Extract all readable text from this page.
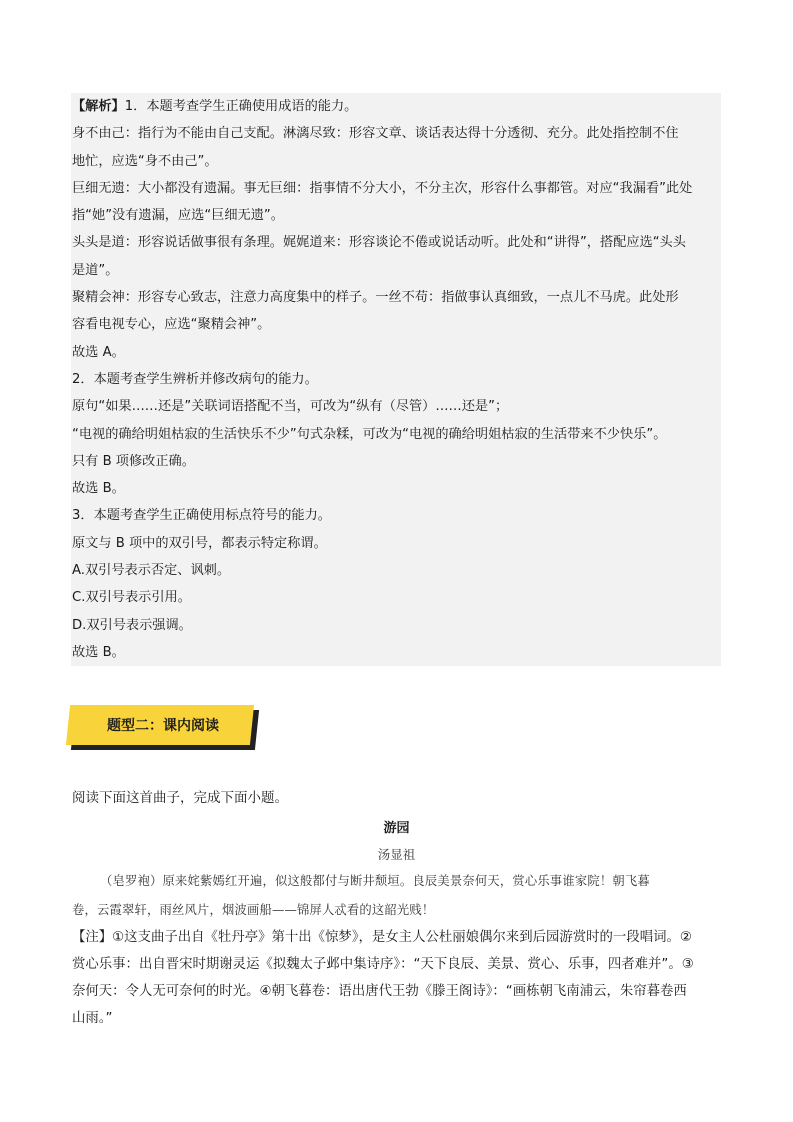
【解析】1．本题考查学生正确使用成语的能力。
身不由己：指行为不能由自己支配。淋漓尽致：形容文章、谈话表达得十分透彻、充分。此处指控制不住
地忙，应选“身不由己”。
巨细无遗：大小都没有遗漏。事无巨细：指事情不分大小，不分主次，形容什么事都管。对应“我漏看”此处
指“她”没有遗漏，应选“巨细无遗”。
头头是道：形容说话做事很有条理。娓娓道来：形容谈论不倦或说话动听。此处和“讲得”，搭配应选“头头
是道”。
聚精会神：形容专心致志，注意力高度集中的样子。一丝不苟：指做事认真细致，一点儿不马虎。此处形
容看电视专心，应选“聚精会神”。
故选 A。
2．本题考查学生辨析并修改病句的能力。
原句“如果……还是”关联词语搭配不当，可改为“纵有（尽管）……还是”；
“电视的确给明姐枯寂的生活快乐不少”句式杂糅，可改为“电视的确给明姐枯寂的生活带来不少快乐”。
只有 B 项修改正确。
故选 B。
3．本题考查学生正确使用标点符号的能力。
原文与 B 项中的双引号，都表示特定称谓。
A.双引号表示否定、讽刺。
C.双引号表示引用。
D.双引号表示强调。
故选 B。
题型二：课内阅读
阅读下面这首曲子，完成下面小题。
游园
汤显祖
（皂罗袍）原来姹紫嫣红开遍，似这般都付与断井颓垣。良辰美景奈何天，赏心乐事谁家院！朝飞暮
卷，云霞翠轩，雨丝风片，烟波画船——锦屏人忒看的这韶光贱！
【注】①这支曲子出自《牡丹亭》第十出《惊梦》，是女主人公杜丽娘偶尔来到后园游赏时的一段唱词。②
赏心乐事：出自晋宋时期谢灵运《拟魏太子邺中集诗序》：“天下良辰、美景、赏心、乐事，四者难并”。③
奈何天：令人无可奈何的时光。④朝飞暮卷：语出唐代王勃《滕王阁诗》：“画栋朝飞南浦云，朱帘暮卷西
山雨。”
